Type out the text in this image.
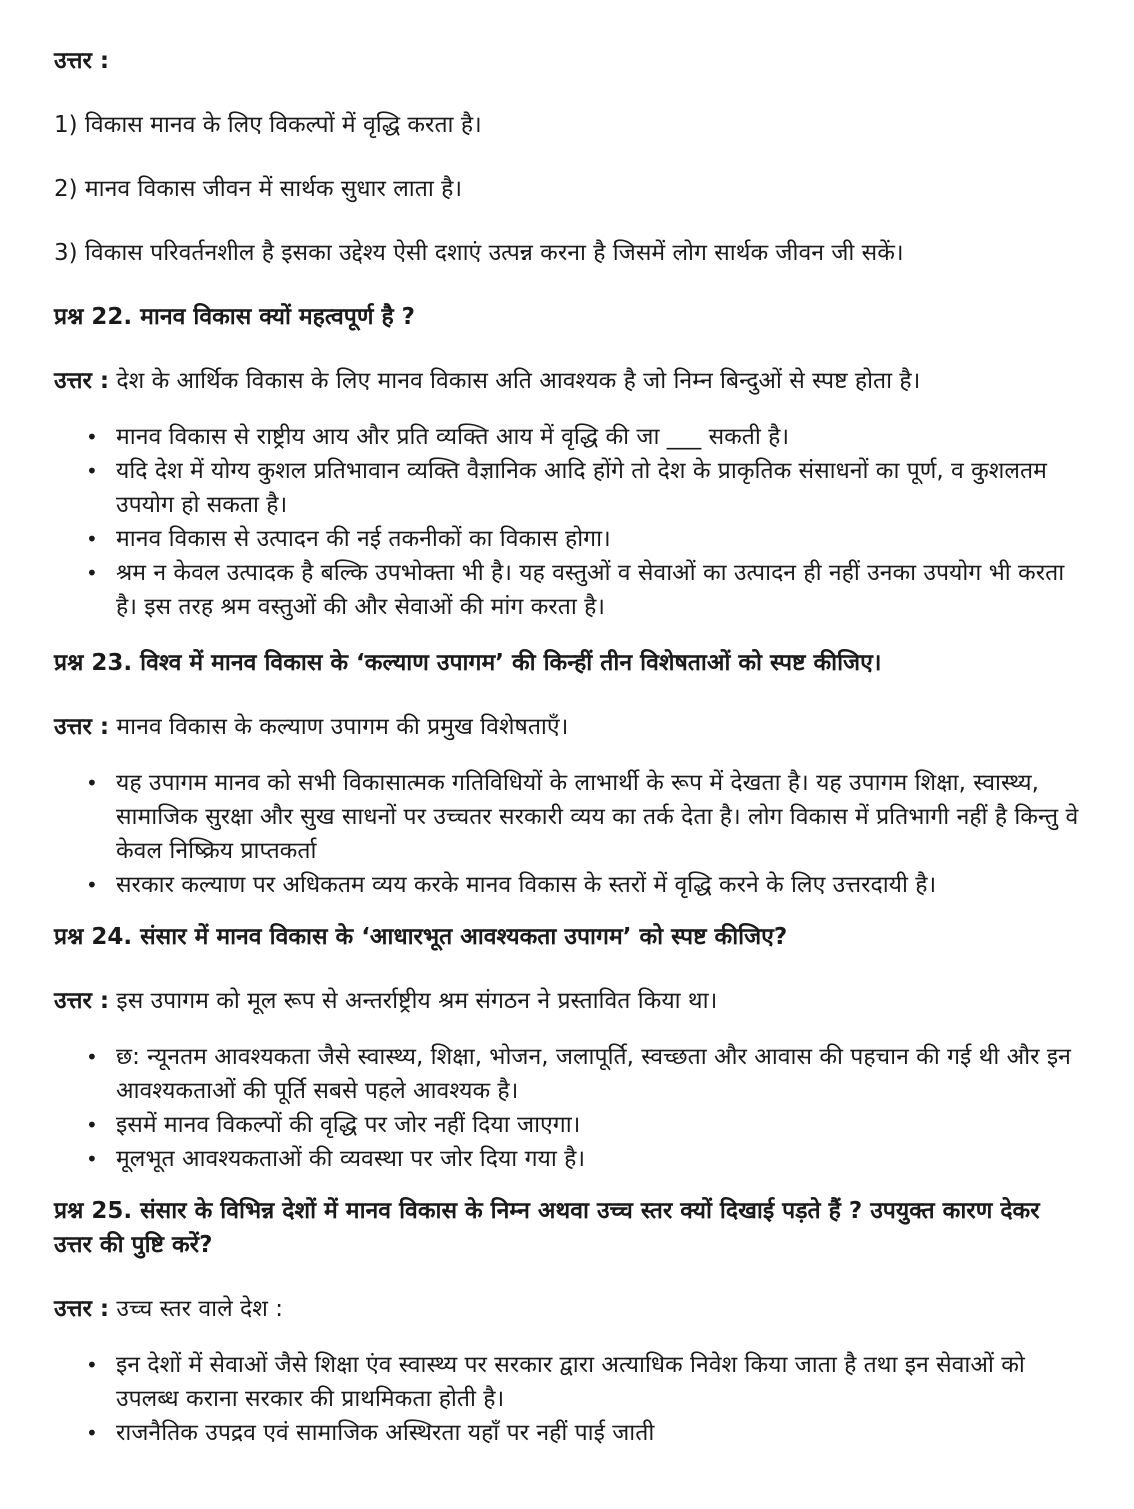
उत्तर :

1) विकास मानव के लिए विकल्पों में वृद्धि करता है।

2) मानव विकास जीवन में सार्थक सुधार लाता है।

3) विकास परिवर्तनशील है इसका उद्देश्य ऐसी दशाएं उत्पन्न करना है जिसमें लोग सार्थक जीवन जी सकें।

प्रश्न 22. मानव विकास क्यों महत्वपूर्ण है ?

उत्तर : देश के आर्थिक विकास के लिए मानव विकास अति आवश्यक है जो निम्न बिन्दुओं से स्पष्ट होता है।

• मानव विकास से राष्ट्रीय आय और प्रति व्यक्ति आय में वृद्धि की जा ___ सकती है।
• यदि देश में योग्य कुशल प्रतिभावान व्यक्ति वैज्ञानिक आदि होंगे तो देश के प्राकृतिक संसाधनों का पूर्ण, व कुशलतम उपयोग हो सकता है।
• मानव विकास से उत्पादन की नई तकनीकों का विकास होगा।
• श्रम न केवल उत्पादक है बल्कि उपभोक्ता भी है। यह वस्तुओं व सेवाओं का उत्पादन ही नहीं उनका उपयोग भी करता है। इस तरह श्रम वस्तुओं की और सेवाओं की मांग करता है।

प्रश्न 23. विश्व में मानव विकास के ‘कल्याण उपागम’ की किन्हीं तीन विशेषताओं को स्पष्ट कीजिए।

उत्तर : मानव विकास के कल्याण उपागम की प्रमुख विशेषताएँ।

• यह उपागम मानव को सभी विकासात्मक गतिविधियों के लाभार्थी के रूप में देखता है। यह उपागम शिक्षा, स्वास्थ्य, सामाजिक सुरक्षा और सुख साधनों पर उच्चतर सरकारी व्यय का तर्क देता है। लोग विकास में प्रतिभागी नहीं है किन्तु वे केवल निष्क्रिय प्राप्तकर्ता
• सरकार कल्याण पर अधिकतम व्यय करके मानव विकास के स्तरों में वृद्धि करने के लिए उत्तरदायी है।

प्रश्न 24. संसार में मानव विकास के ‘आधारभूत आवश्यकता उपागम’ को स्पष्ट कीजिए?

उत्तर : इस उपागम को मूल रूप से अन्तर्राष्ट्रीय श्रम संगठन ने प्रस्तावित किया था।

• छ: न्यूनतम आवश्यकता जैसे स्वास्थ्य, शिक्षा, भोजन, जलापूर्ति, स्वच्छता और आवास की पहचान की गई थी और इन आवश्यकताओं की पूर्ति सबसे पहले आवश्यक है।
• इसमें मानव विकल्पों की वृद्धि पर जोर नहीं दिया जाएगा।
• मूलभूत आवश्यकताओं की व्यवस्था पर जोर दिया गया है।

प्रश्न 25. संसार के विभिन्न देशों में मानव विकास के निम्न अथवा उच्च स्तर क्यों दिखाई पड़ते हैं ? उपयुक्त कारण देकर उत्तर की पुष्टि करें?

उत्तर : उच्च स्तर वाले देश :

• इन देशों में सेवाओं जैसे शिक्षा एंव स्वास्थ्य पर सरकार द्वारा अत्याधिक निवेश किया जाता है तथा इन सेवाओं को उपलब्ध कराना सरकार की प्राथमिकता होती है।
• राजनैतिक उपद्रव एवं सामाजिक अस्थिरता यहाँ पर नहीं पाई जाती
